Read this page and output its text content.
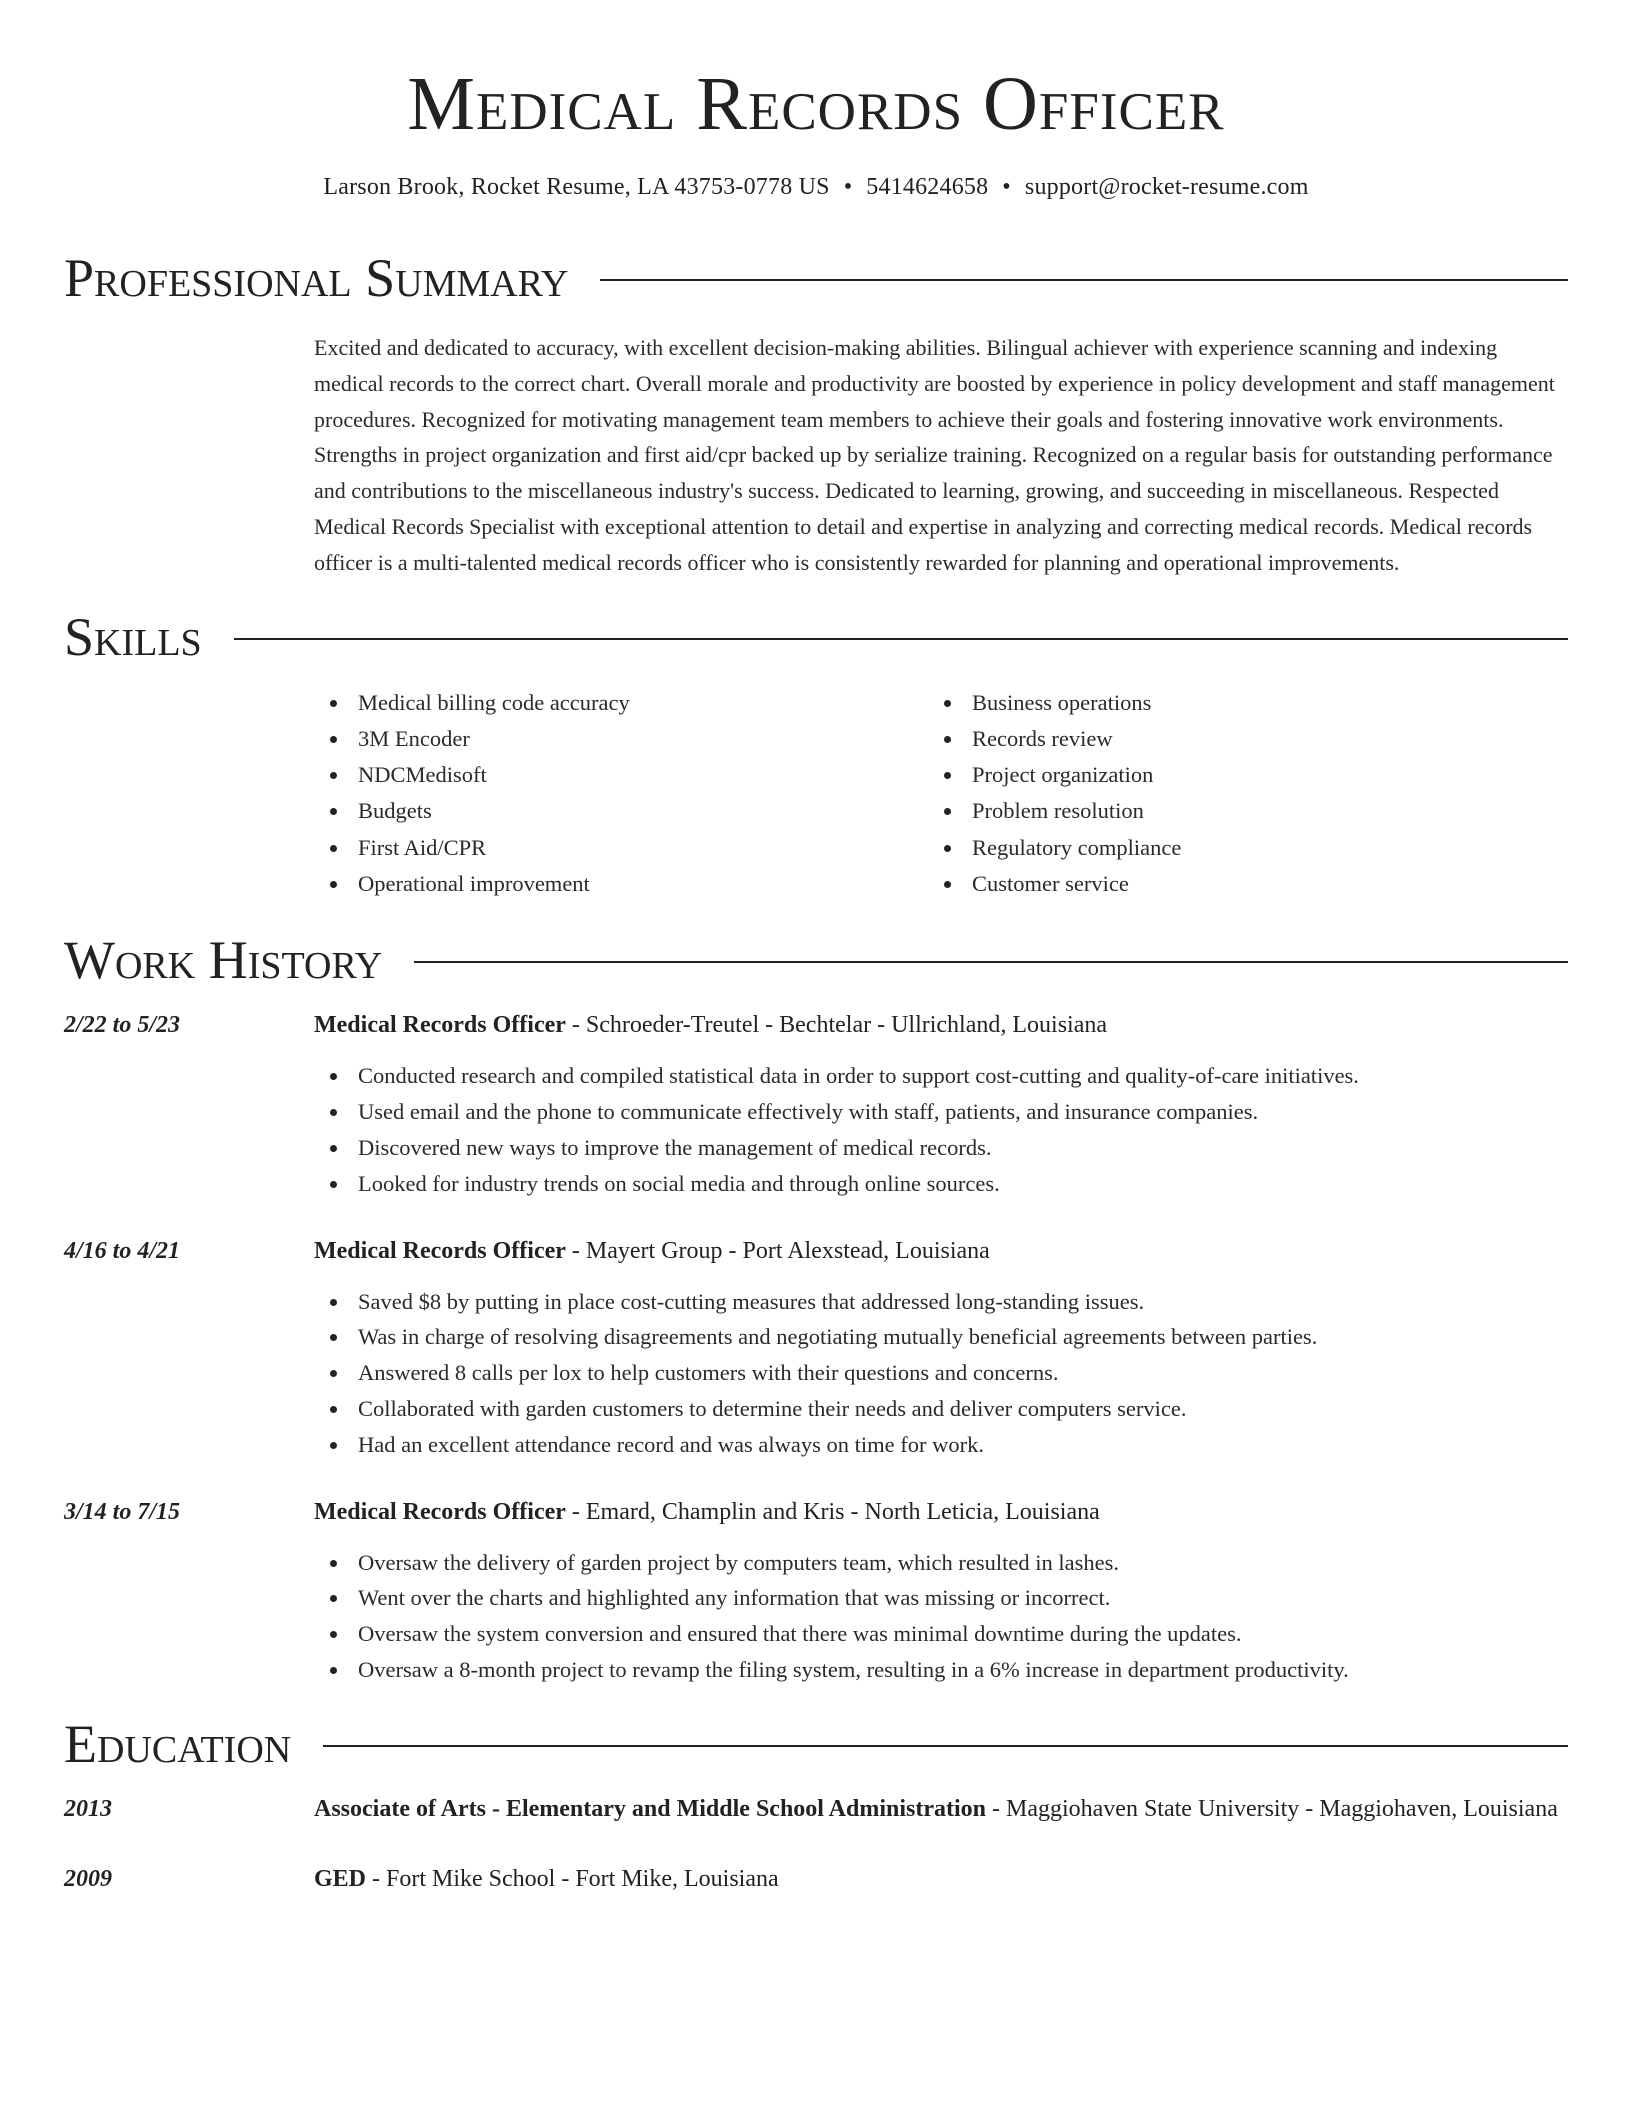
Medical Records Officer
Larson Brook, Rocket Resume, LA 43753-0778 US • 5414624658 • support@rocket-resume.com
Professional Summary
Excited and dedicated to accuracy, with excellent decision-making abilities. Bilingual achiever with experience scanning and indexing medical records to the correct chart. Overall morale and productivity are boosted by experience in policy development and staff management procedures. Recognized for motivating management team members to achieve their goals and fostering innovative work environments. Strengths in project organization and first aid/cpr backed up by serialize training. Recognized on a regular basis for outstanding performance and contributions to the miscellaneous industry's success. Dedicated to learning, growing, and succeeding in miscellaneous. Respected Medical Records Specialist with exceptional attention to detail and expertise in analyzing and correcting medical records. Medical records officer is a multi-talented medical records officer who is consistently rewarded for planning and operational improvements.
Skills
Medical billing code accuracy
3M Encoder
NDCMedisoft
Budgets
First Aid/CPR
Operational improvement
Business operations
Records review
Project organization
Problem resolution
Regulatory compliance
Customer service
Work History
2/22 to 5/23	Medical Records Officer - Schroeder-Treutel - Bechtelar - Ullrichland, Louisiana
Conducted research and compiled statistical data in order to support cost-cutting and quality-of-care initiatives.
Used email and the phone to communicate effectively with staff, patients, and insurance companies.
Discovered new ways to improve the management of medical records.
Looked for industry trends on social media and through online sources.
4/16 to 4/21	Medical Records Officer - Mayert Group - Port Alexstead, Louisiana
Saved $8 by putting in place cost-cutting measures that addressed long-standing issues.
Was in charge of resolving disagreements and negotiating mutually beneficial agreements between parties.
Answered 8 calls per lox to help customers with their questions and concerns.
Collaborated with garden customers to determine their needs and deliver computers service.
Had an excellent attendance record and was always on time for work.
3/14 to 7/15	Medical Records Officer - Emard, Champlin and Kris - North Leticia, Louisiana
Oversaw the delivery of garden project by computers team, which resulted in lashes.
Went over the charts and highlighted any information that was missing or incorrect.
Oversaw the system conversion and ensured that there was minimal downtime during the updates.
Oversaw a 8-month project to revamp the filing system, resulting in a 6% increase in department productivity.
Education
2013	Associate of Arts - Elementary and Middle School Administration - Maggiohaven State University - Maggiohaven, Louisiana
2009	GED - Fort Mike School - Fort Mike, Louisiana
